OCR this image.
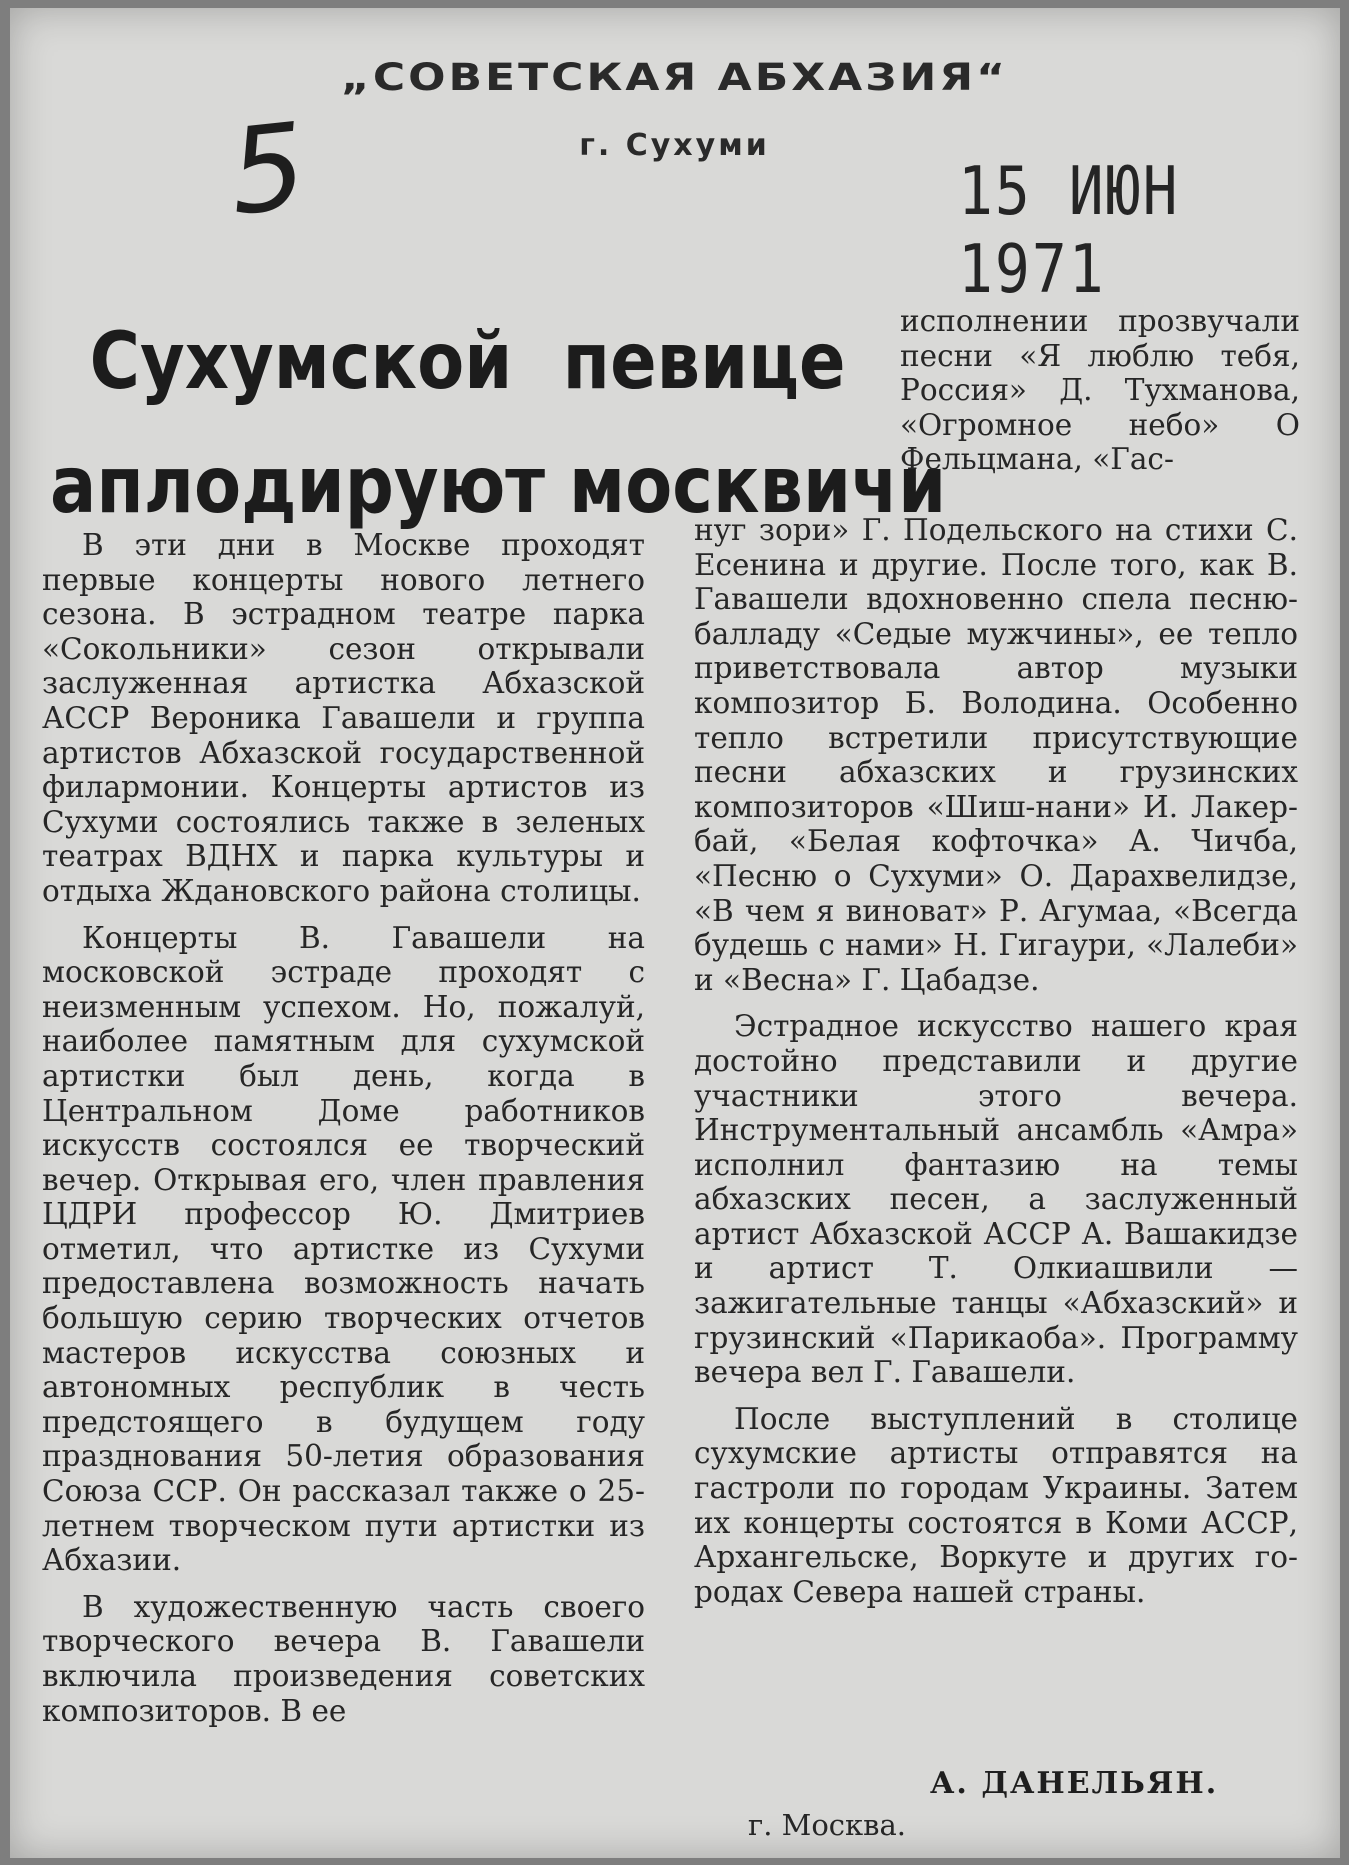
„СОВЕТСКАЯ АБХАЗИЯ“
г. Сухуми
5	15 ИЮН 1971
Сухумской певице
аплодируют москвичи

В эти дни в Москве проходят первые концерты нового летнего сезона. В эстрадном театре парка «Сокольники» сезон открывали заслуженная артистка Абхазской АССР Вероника Гавашели и группа артистов Абхазской государственной филармонии. Концерты артистов из Сухуми состоялись также в зеленых театрах ВДНХ и парка культуры и отдыха Ждановского района столицы.

Концерты В. Гавашели на московской эстраде проходят с неизменным успехом. Но, пожалуй, наиболее памятным для сухумской артистки был день, когда в Центральном Доме работников искусств состоялся ее творческий вечер. Открывая его, член правления ЦДРИ профессор Ю. Дмитриев отметил, что артистке из Сухуми предоставлена возможность начать большую серию творческих отчетов мастеров искусства союзных и автономных республик в честь предстоящего в будущем году празднования 50-летия образования Союза ССР. Он рассказал также о 25-летнем творческом пути артистки из Абхазии.

В художественную часть своего творческого вечера В. Гавашели включила произведения советских композиторов. В ее

исполнении прозвучали песни «Я люблю тебя, Россия» Д. Тухманова, «Огромное небо» О Фельцмана, «Гас-

нуг зори» Г. Подельского на стихи С. Есенина и другие. После того, как В. Гавашели вдохновенно спела песню-балладу «Седые мужчины», ее тепло приветствовала автор музыки композитор Б. Володина. Особенно тепло встретили присутствующие песни абхазских и грузинских композиторов «Шиш-нани» И. Лакербай, «Белая кофточка» А. Чичба, «Песню о Сухуми» О. Дарахвелидзе, «В чем я виноват» Р. Агумаа, «Всегда будешь с нами» Н. Гигаури, «Лалеби» и «Весна» Г. Цабадзе.

Эстрадное искусство нашего края достойно представили и другие участники этого вечера. Инструментальный ансамбль «Амра» исполнил фантазию на темы абхазских песен, а заслуженный артист Абхазской АССР А. Вашакидзе и артист Т. Олкиашвили — зажигательные танцы «Абхазский» и грузинский «Парикаоба». Программу вечера вел Г. Гавашели.

После выступлений в столице сухумские артисты отправятся на гастроли по городам Украины. Затем их концерты состоятся в Коми АССР, Архангельске, Воркуте и других городах Севера нашей страны.

А. ДАНЕЛЬЯН.
г. Москва.
